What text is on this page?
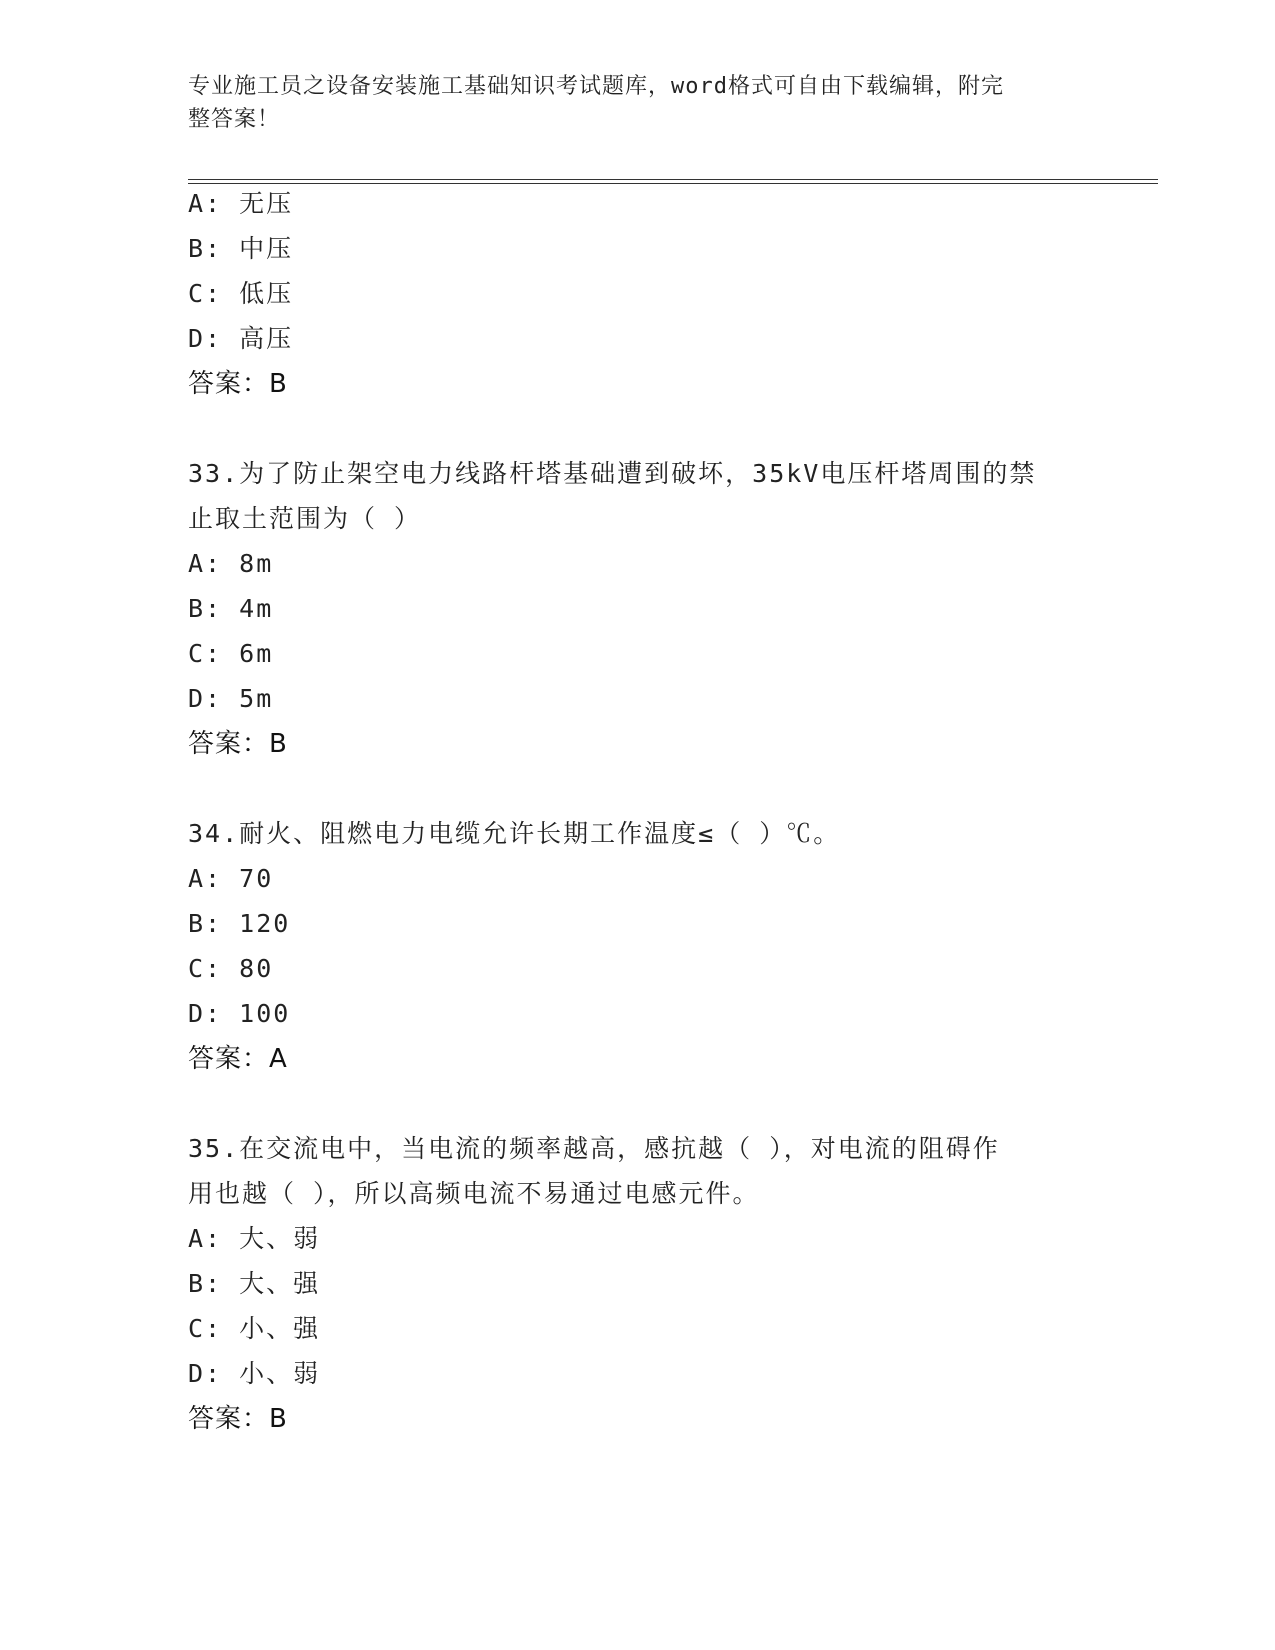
专业施工员之设备安装施工基础知识考试题库，word格式可自由下载编辑，附完
整答案！
A: 无压
B: 中压
C: 低压
D: 高压
答案：B
33.为了防止架空电力线路杆塔基础遭到破坏，35kV电压杆塔周围的禁
止取土范围为（ ）
A: 8m
B: 4m
C: 6m
D: 5m
答案：B
34.耐火、阻燃电力电缆允许长期工作温度≤（ ）℃。
A: 70
B: 120
C: 80
D: 100
答案：A
35.在交流电中，当电流的频率越高，感抗越（ ），对电流的阻碍作
用也越（ ），所以高频电流不易通过电感元件。
A: 大、弱
B: 大、强
C: 小、强
D: 小、弱
答案：B
